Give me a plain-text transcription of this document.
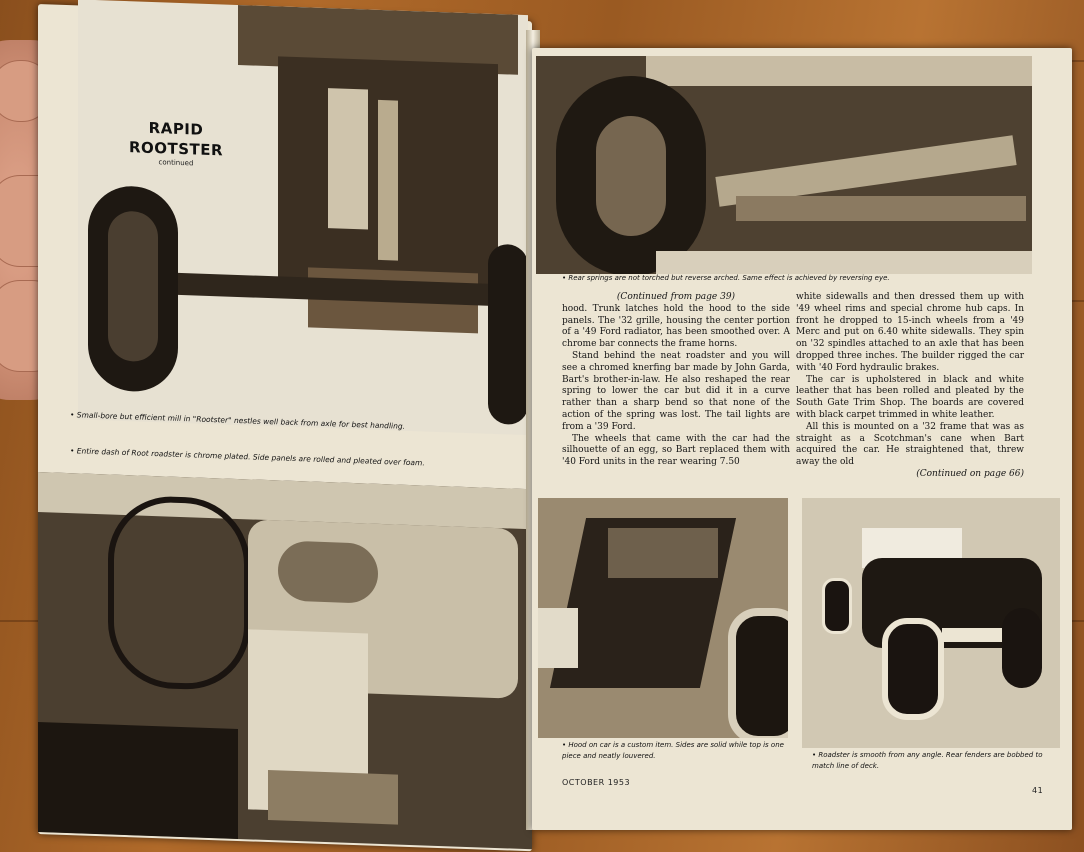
RAPID
ROOTSTER
continued
• Small-bore but efficient mill in "Rootster" nestles well back from axle for best handling.
• Entire dash of Root roadster is chrome plated. Side panels are rolled and pleated over foam.
• Rear springs are not torched but reverse arched. Same effect is achieved by reversing eye.
(Continued from page 39)

hood. Trunk latches hold the hood to the side panels. The '32 grille, housing the center portion of a '49 Ford radiator, has been smoothed over. A chrome bar connects the frame horns.

Stand behind the neat roadster and you will see a chromed knerfing bar made by John Garda, Bart's brother-in-law. He also reshaped the rear spring to lower the car but did it in a curve rather than a sharp bend so that none of the action of the spring was lost. The tail lights are from a '39 Ford.

The wheels that came with the car had the silhouette of an egg, so Bart replaced them with '40 Ford units in the rear wearing 7.50

white sidewalls and then dressed them up with '49 wheel rims and special chrome hub caps. In front he dropped to 15-inch wheels from a '49 Merc and put on 6.40 white sidewalls. They spin on '32 spindles attached to an axle that has been dropped three inches. The builder rigged the car with '40 Ford hydraulic brakes.

The car is upholstered in black and white leather that has been rolled and pleated by the South Gate Trim Shop. The boards are covered with black carpet trimmed in white leather.

All this is mounted on a '32 frame that was as straight as a Scotchman's cane when Bart acquired the car. He straightened that, threw away the old

(Continued on page 66)
• Hood on car is a custom item. Sides are solid while top is one piece and neatly louvered.	• Roadster is smooth from any angle. Rear fenders are bobbed to match line of deck.
OCTOBER 1953
41
